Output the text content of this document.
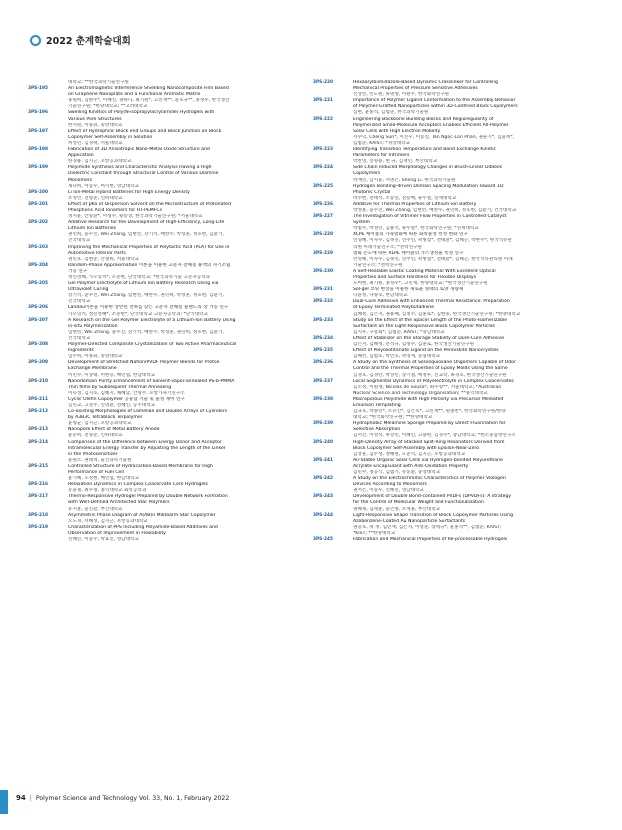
2022 춘계학술대회
대학교; **한국과학기술연구원
3PS-195	An Electromagnetic Interference Shielding Nanocomposite Film Based
on Graphene Nanoplate and a Functional Aromatic Matrix
홍원희, 김현주*, 이혜진, 권하나, 최기원*, 고민재**, 윤호규**, 홍성우, 한국생산
기술연구원; *한양대학교; **고려대학교
3PS-196	Swelling Kinetics of Poly(N-isopropylacrylamide) Hydrogels with
Various Pore Structures
한지원, 이종휘, 중앙대학교
3PS-197	Effect of Hydrophilic Block end Groups and Block Junction on Block
Copolymer Self-Assembly in Solution
허성민, 김경택, 서울대학교
3PS-198	Fabrication of 3D Anisotropic Nano-Metal Oxide Structure and
Application
한경용, 김지근, 포항공과대학교
3PS-199	Polyimide Synthesis and Characteristic Analysis Having a High
Dielectric Constant through Structural Control of Various Diamine
Monomers
제다희, 이승우, 여지현, 영남대학교
3PS-200	Li Ion-Metal Hybrid Batteries for High Energy Density
조성민, 전형준, 인하대학교
3PS-201	Effect of pKa of Dispersion Solvent on the Microstructure of Protonated
Phosphoric Acid Ionomers for HT-PEMFCs
정지윤, 안형환*, 이성수, 황승상, 한국과학기술연구원; *서울대학교
3PS-202	Additive Research for the Development of High-Efficiency, Long-Life
Lithium Ion Batteries
권민희, 윤수진, Wei Zhang, 임현빈, 강기석, 배완수, 박성훈, 정호현, 김환기,
건국대학교
3PS-203	Improving the Mechanical Properties of Polylactic Acid (PLA) for Use in
Automotive Interior Parts
권민호, 김현준, 안철희, 서울대학교
3PS-204	Random-Phase Approximation 이론을 이용한 고분자 전해질 용액의 자기조립
거동 연구
정신영혜, 가오밍커*, 조준현, 단국대학교; *한국과학기술 고분자공학과
3PS-205	Gel Polymer Electrolyte of Lithium Ion Battery Research Using via
Ultraviolet Curing
강기석, 윤수진, Wei Zhang, 임현빈, 배완수, 권민희, 박성훈, 정호현, 김환기,
건국대학교
3PS-206	Landau이론을 이용한 상반된 전하를 갖는 고분자 전해질 블렌드의 상 거동 연구
가오밍커, 정신영혜*, 조준현*, 단국대학교 고분자공학과; *단국대학교
3PS-207	A Research on the Gel Polymer Electrolyte of a Lithium-Ion Battery Using
in-situ Polymerization
임현빈, Wei Zhang, 윤수진, 강기석, 배완수, 박성훈, 권민희, 정호현, 김환기,
건국대학교
3PS-208	Polymer-Directed Composite Crystallization of Two Active Pharmaceutical
Ingredients
임주희, 이종휘, 중앙대학교
3PS-209	Development of Stretched Nafion/PVDF Polymer Blends for Proton
Exchange Membrane
이민수, 이상태, 이현승, 배민섭, 한남대학교
3PS-210	Nanodomain Purity Enhancement of Solvent-vapor-annealed PS-b-PMMA
Thin films by Subsequent Thermal Annealing
이유성, 김지호, 김혜지, 채혜남, 안형주, 포항가속기연구소
3PS-211	Cyclic Olefin Copolymer 공중합 기술 및 물성 제어 연구
김민교, 고영주, 신영환, 전혜인, 공주대학교
3PS-212	Co-existing Morphologies of Lamellae and Double Arrays of Cylinders
by A3B3C Tetrablock Terpolymer
윤형균, 김지근, 포항공과대학교
3PS-213	Nanopore Effect of Metal Battery Anode
윤준희, 전형준, 인하대학교
3PS-214	Comparison of the Difference between Energy Donor and Acceptor
Intramolecular Energy Transfer by Adjusting the Length of the Linker
in the Photosensitizer
윤원소, 권태혁, 울산과학기술원
3PS-215	Controlled Structure of Hydrocarbon-Based Membrane for High
Performance of Fuel Cell
윤기혜, 노정현, 배민섭, 한남대학교
3PS-216	Relaxation Dynamics in Complex Coacervate Core Hydrogels
유윤철, 최수형, 홍익대학교 화학공학과
3PS-217	Thermo-Responsive Hydrogel Prepared by Double Network Formation
with Well-Defined Architected Star Polymers
유지훈, 윤진환, 부산대학교
3PS-218	Asymmetric Phase Diagram of A(AB)n Miktoarm Star Copolymer
오도경, 서혜성, 김지근, 포항공과대학교
3PS-219	Characterization of PPS Including Polyamide-Based Additives and
Observation of Improvement in Flowability
신혜민, 이승우, 박효진, 영남대학교
3PS-220	Hexaarylbiimidazole-Based Dynamic Crosslinker for Controlling
Mechanical Properties of Pressure Sensitive Adhesives
신상빈, 민도원, 류명향, 이원주, 한국화학연구원
3PS-221	Importance of Polymer Ligand Conformation to the Assembly Behavior
of Polymer-Grafted Nanoparticles within 3D-Confined Block Copolymers
심현, 윤홍석, 김범준, 한국과학기술원
3PS-222	Engineering Backbone Building Blocks and Regioregularity of
Polymerized Small-Molecule Acceptors Enables Efficient All-Polymer
Solar Cells with High Electron Mobility
서수덕, Cheng Sun*, 이진우, 이승진, Tan Ngoc-Lan Phan, 권순기*, 김윤희*,
김범준, KAIST; *경상대학교
3PS-223	Identifying Transition Temperature and Bond Exchange Kinetic
Parameters for Vitrimers
박찬영, 송형용, 현 규, 김재민, 부산대학교
3PS-224	Side Chain Induced Morphology Changes in Brush-Linear Diblock
Copolymers
박재민, 남지윤, 서명은, Sheng Li, 한국과학기술원
3PS-225	Hydrogen Bonding-driven Domain Spacing Modulation Toward 1D
Photonic Crystal
박수현, 전태석, 조승연, 전승배, 류두열, 연세대학교
3PS-226	Additive for Thermal Properties of Lithium-ion Battery
박성훈, 윤수진, Wei Zhang, 임현빈, 배완수, 권민희, 정호현, 김환기, 건국대학교
3PS-227	The Investigation of Vitrimer Flow Properties in Controlled Catalyst
System
박범수, 박성민, 김용석, 류두열*, 한국화학연구원; *연세대학교
3PS-228	XLPE 케이블의 가속열화에 따른 화학물성 특성 변화 연구
민영혜, 이자수, 김목연, 연주민, 곽병섭*, 전태환*, 김혜곤, 박한주*, 한국석유관
리원 미래기술연구소; *전력연구원
3PS-229	열화 온도에 따른 XLPE 케이블의 가스생성물 특성 연구
민영혜, 이자수, 김목연, 연주민, 곽병섭*, 전태환*, 김혜곤, 한국석유관리원 미래
기술연구소; *전력연구원
3PS-230	A Self-Healable Elastic Coating Material With Excellent Optical
Properties and Surface Hardness for Flexible Displays
노여현, 최기원, 홍성우*, 고민재, 한양대학교; *한국생산기술연구원
3PS-231	Sol-gel 코팅 현상을 이용한 새로운 형태의 토양 개량제
나윤정, 나양호, 한남대학교
3PS-232	Dual-Cure Adhesive with Enhanced Thermal Resistance: Preparation
of Epoxy Terminated Polybutadiene
김혜정, 김은지, 권용혜, 김정수, 김훈로*, 김현중, 한국생산기술연구원; *한양대학교
3PS-233	Study on the Effect of the Spacer Length of the Photo-Isomerizable
Surfactant on the Light-Responsive Block Copolymer Particles
김지우, 구강회*, 김범준, KAIST; *충남대학교
3PS-234	Effect of Stabilizer on the Storage Stability of Dure-Cure Adhesive
김은지, 김혜정, 문석규, 김정수, 김훈로, 한국생산기술연구원
3PS-235	Effect of Polyoxotitanate Ligand on the Perovskite Nanocrystals
김혜빈, 김범호, 박민호, 곽영재, 숭실대학교
3PS-236	A Study on the Synthesis of Silsesquioxane Oligomers Capable of Odor
Control and the Thermal Properties of Epoxy Molds Using the Same
김경호, 김경탄, 박상민, 장기철, 백정우, 신교학, 최경호, 한국생산기술연구원
3PS-237	Local Segmental Dynamics of Polyelectrolyte in Complex Coacervates
김소정, 이원재, Nicolas de Souza*, 최수형**, 서울대학교; *Australian
Nuclear Science and Technology Organisation; **홍익대학교
3PS-238	Macroporous Polyimide with High Porosity via Precursor Mediated
Emulsion Templating
김규호, 박종민*, 소유진*, 김은호*, 고민재**, 원종찬*, 한국화학연구원/한양
대학교; *한국화학연구원; **한양대학교
3PS-239	Hydrophobic Melamine Sponge Prepared by Direct Fluorination for
Selective Absorption
김서진, 이영석, 하상민, 이혜린, 고용한, 김경수*, 충남대학교; *한소중합방연구소
3PS-240	High-Density Array of Stacked Split-Ring Resonators Derived from
Block Copolymer Self-Assembly with Epsilon-Near-Zero
김상훈, 김두성, 정혜원, 노준석, 김지근, 포항공과대학교
3PS-241	Air-Stable Organic Solar Cells via Hydrogen-bonded Polyurethane
Acrylate Encapsulant with Anti-Oxidation Property
김민수, 정응식, 김범기, 유동환, 중앙대학교
3PS-242	A Study on the Electrochromic Characteristics of Polymer Viologen
Devices According to Monomers
권서은, 이승우, 신혜민, 영남대학교
3PS-243	Development of Double Bond-contained PVDFs (DPVDFs): A strategy
for the Control of Molecular Weight and Functionalization
권혜제, 김세훈, 윤인명, 조계용, 부산대학교
3PS-244	Light-Responsive Shape Transition of Block Copolymer Particles Using
Azobenzene-Coated Au Nanoparticle Surfactants
권승호, 쉬 정, 김민재, 김은지, 이영준, 장세규*, 윤홍석**, 김범준, KAIST;
*KIST; **한양대학교
3PS-245	Fabrication and Mechanical Properties of Re-processable Hydrogels
94 | Polymer Science and Technology Vol. 33, No. 1, February 2022
